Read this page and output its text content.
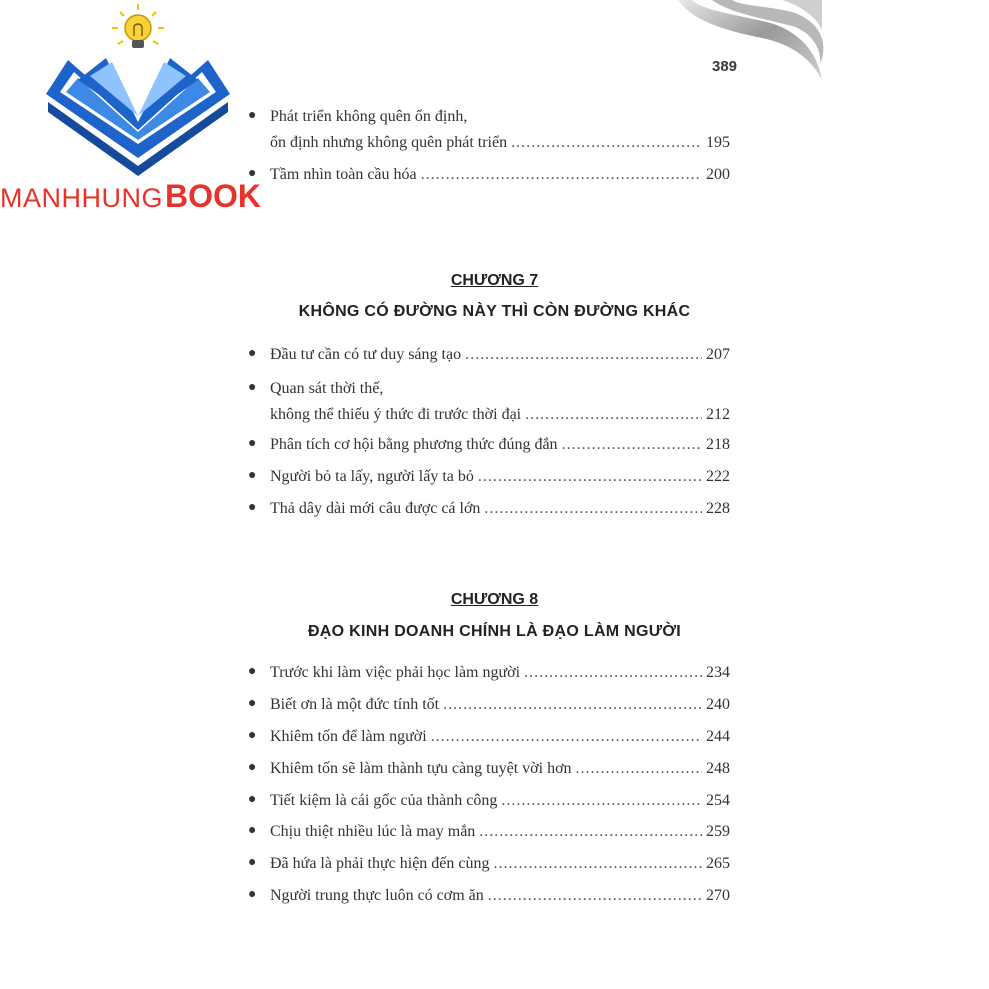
389
MANHHUNGBOOK
● Phát triển không quên ổn định,
ổn định nhưng không quên phát triển .....	195
● Tầm nhìn toàn cầu hóa .....	200
CHƯƠNG 7
KHÔNG CÓ ĐƯỜNG NÀY THÌ CÒN ĐƯỜNG KHÁC
● Đầu tư cần có tư duy sáng tạo .....	207
● Quan sát thời thế,
không thể thiếu ý thức đi trước thời đại .....	212
● Phân tích cơ hội bằng phương thức đúng đắn .....	218
● Người bỏ ta lấy, người lấy ta bỏ .....	222
● Thả dây dài mới câu được cá lớn .....	228
CHƯƠNG 8
ĐẠO KINH DOANH CHÍNH LÀ ĐẠO LÀM NGƯỜI
● Trước khi làm việc phải học làm người .....	234
● Biết ơn là một đức tính tốt .....	240
● Khiêm tốn để làm người .....	244
● Khiêm tốn sẽ làm thành tựu càng tuyệt vời hơn .....	248
● Tiết kiệm là cái gốc của thành công .....	254
● Chịu thiệt nhiều lúc là may mắn .....	259
● Đã hứa là phải thực hiện đến cùng .....	265
● Người trung thực luôn có cơm ăn .....	270
